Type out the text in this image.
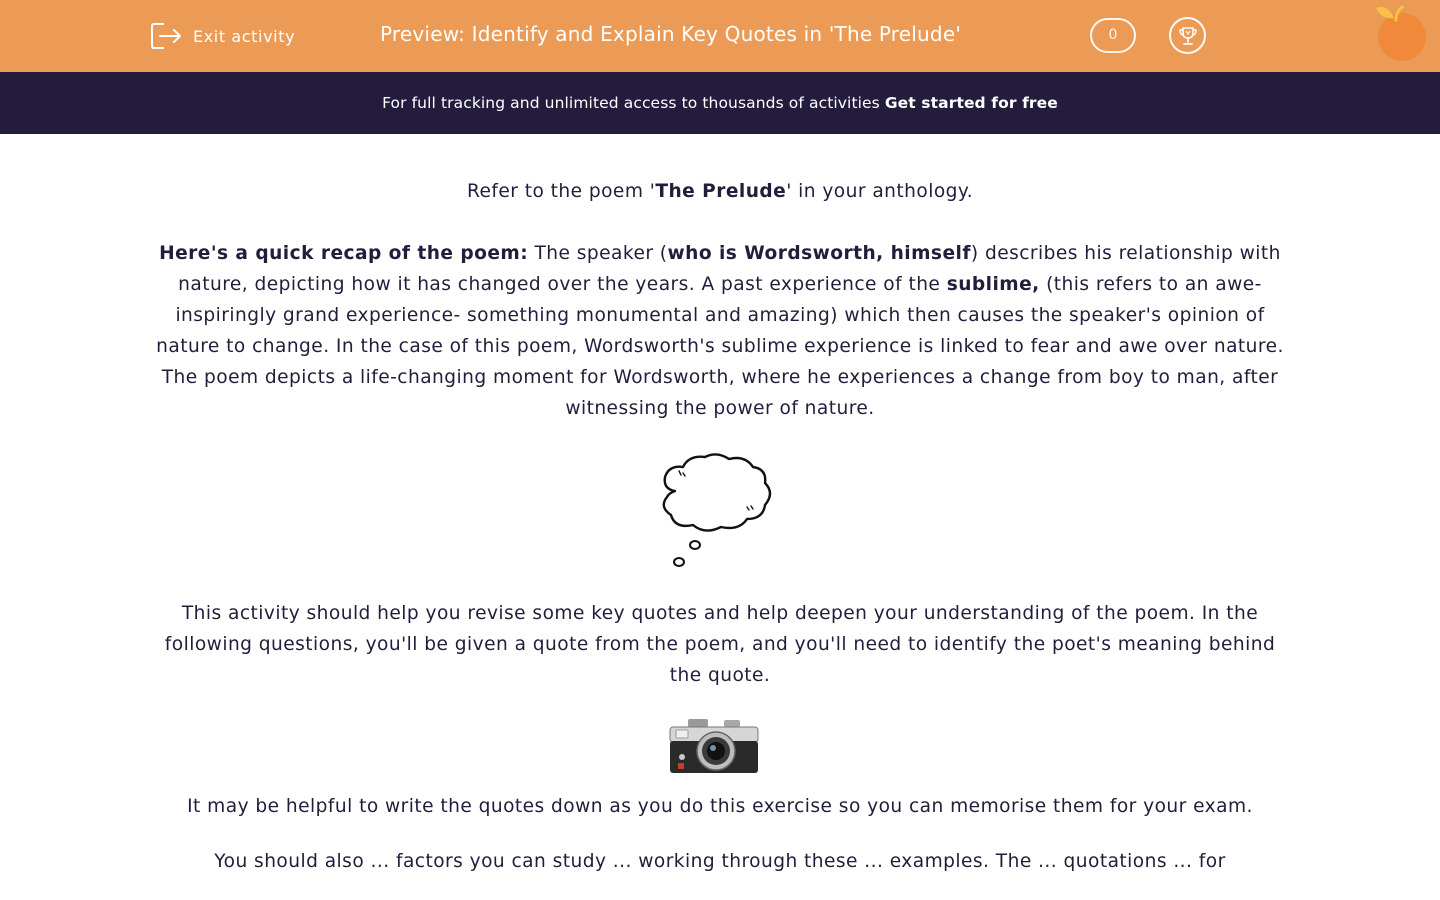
Exit activity	Preview: Identify and Explain Key Quotes in 'The Prelude'	0
For full tracking and unlimited access to thousands of activities Get started for free

Refer to the poem 'The Prelude' in your anthology.

Here's a quick recap of the poem: The speaker (who is Wordsworth, himself) describes his relationship with nature, depicting how it has changed over the years. A past experience of the sublime, (this refers to an awe-inspiringly grand experience- something monumental and amazing) which then causes the speaker's opinion of nature to change. In the case of this poem, Wordsworth's sublime experience is linked to fear and awe over nature. The poem depicts a life-changing moment for Wordsworth, where he experiences a change from boy to man, after witnessing the power of nature.

This activity should help you revise some key quotes and help deepen your understanding of the poem. In the following questions, you'll be given a quote from the poem, and you'll need to identify the poet's meaning behind the quote.

It may be helpful to write the quotes down as you do this exercise so you can memorise them for your exam.

You should also ... factors you can study ... working through these ... examples. The ... quotations ... for
